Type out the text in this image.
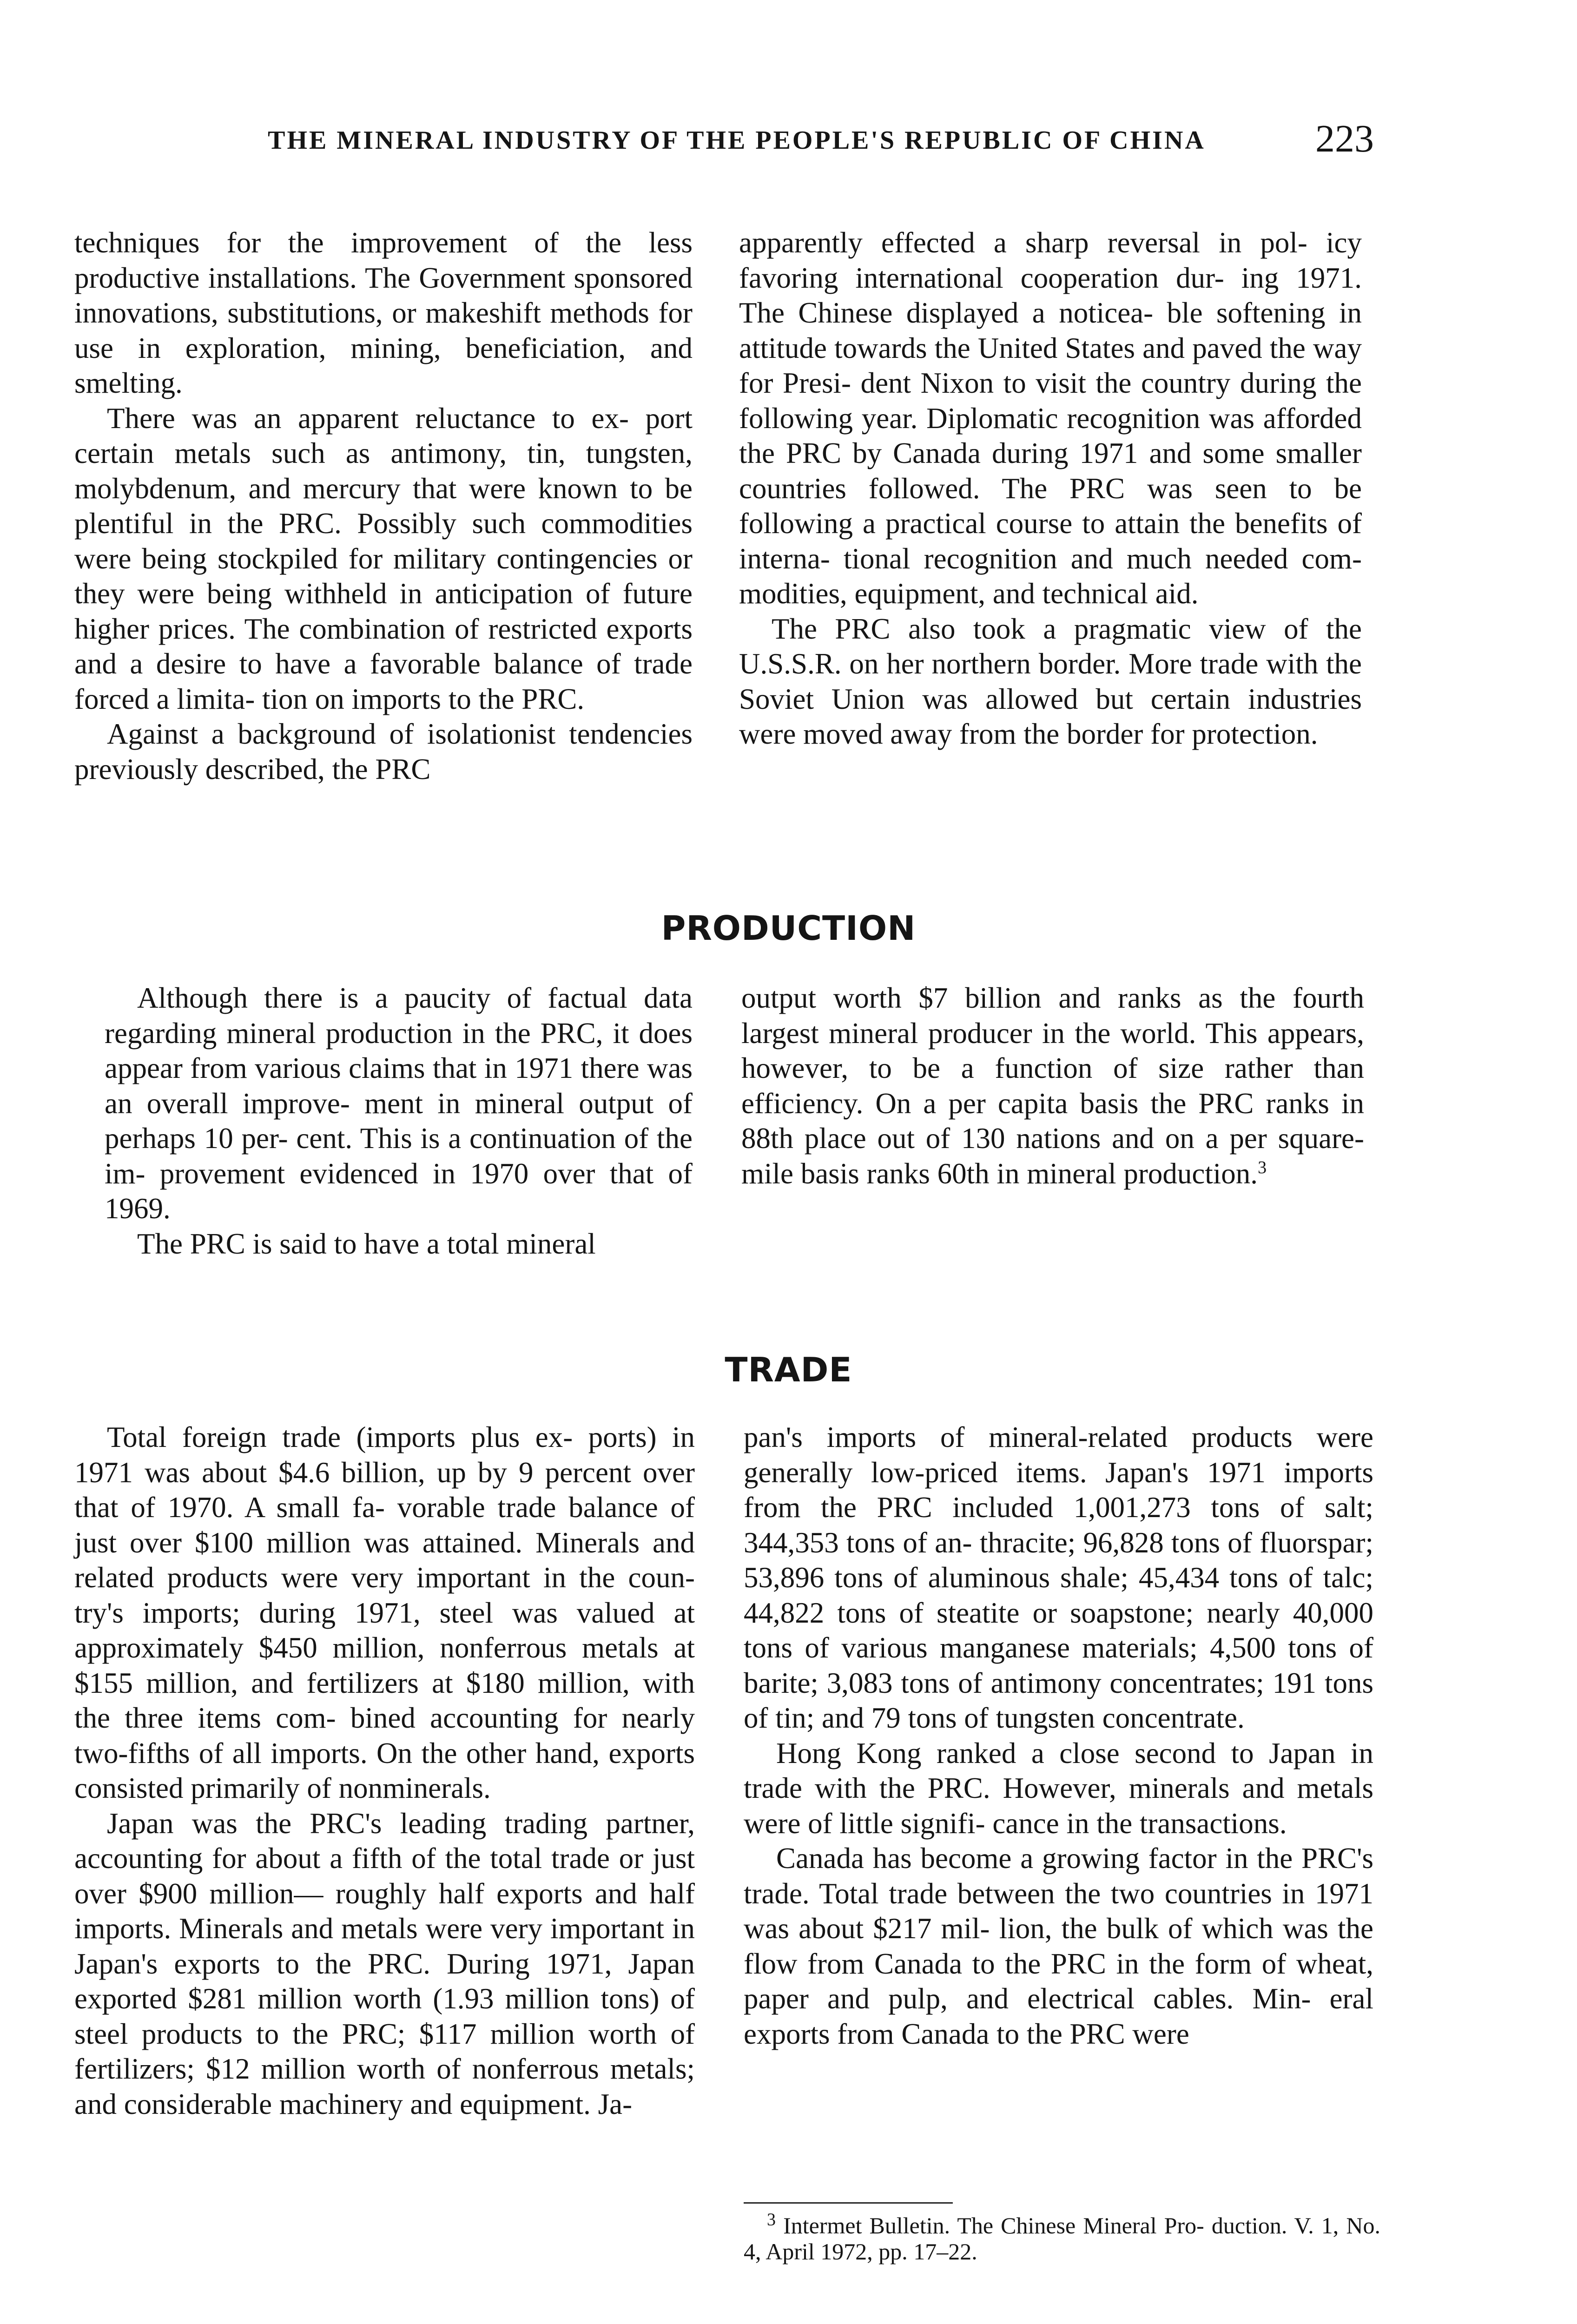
THE MINERAL INDUSTRY OF THE PEOPLE'S REPUBLIC OF CHINA	223

techniques for the improvement of the less productive installations. The Government sponsored innovations, substitutions, or makeshift methods for use in exploration, mining, beneficiation, and smelting.

There was an apparent reluctance to ex- port certain metals such as antimony, tin, tungsten, molybdenum, and mercury that were known to be plentiful in the PRC. Possibly such commodities were being stockpiled for military contingencies or they were being withheld in anticipation of future higher prices. The combination of restricted exports and a desire to have a favorable balance of trade forced a limita- tion on imports to the PRC.

Against a background of isolationist tendencies previously described, the PRC

apparently effected a sharp reversal in pol- icy favoring international cooperation dur- ing 1971. The Chinese displayed a noticea- ble softening in attitude towards the United States and paved the way for Presi- dent Nixon to visit the country during the following year. Diplomatic recognition was afforded the PRC by Canada during 1971 and some smaller countries followed. The PRC was seen to be following a practical course to attain the benefits of interna- tional recognition and much needed com- modities, equipment, and technical aid.

The PRC also took a pragmatic view of the U.S.S.R. on her northern border. More trade with the Soviet Union was allowed but certain industries were moved away from the border for protection.

PRODUCTION

Although there is a paucity of factual data regarding mineral production in the PRC, it does appear from various claims that in 1971 there was an overall improve- ment in mineral output of perhaps 10 per- cent. This is a continuation of the im- provement evidenced in 1970 over that of 1969.

The PRC is said to have a total mineral

output worth $7 billion and ranks as the fourth largest mineral producer in the world. This appears, however, to be a function of size rather than efficiency. On a per capita basis the PRC ranks in 88th place out of 130 nations and on a per square-mile basis ranks 60th in mineral production.$^3$

TRADE

Total foreign trade (imports plus ex- ports) in 1971 was about $4.6 billion, up by 9 percent over that of 1970. A small fa- vorable trade balance of just over $100 million was attained. Minerals and related products were very important in the coun- try's imports; during 1971, steel was valued at approximately $450 million, nonferrous metals at $155 million, and fertilizers at $180 million, with the three items com- bined accounting for nearly two-fifths of all imports. On the other hand, exports consisted primarily of nonminerals.

Japan was the PRC's leading trading partner, accounting for about a fifth of the total trade or just over $900 million— roughly half exports and half imports. Minerals and metals were very important in Japan's exports to the PRC. During 1971, Japan exported $281 million worth (1.93 million tons) of steel products to the PRC; $117 million worth of fertilizers; $12 million worth of nonferrous metals; and considerable machinery and equipment. Ja-

pan's imports of mineral-related products were generally low-priced items. Japan's 1971 imports from the PRC included 1,001,273 tons of salt; 344,353 tons of an- thracite; 96,828 tons of fluorspar; 53,896 tons of aluminous shale; 45,434 tons of talc; 44,822 tons of steatite or soapstone; nearly 40,000 tons of various manganese materials; 4,500 tons of barite; 3,083 tons of antimony concentrates; 191 tons of tin; and 79 tons of tungsten concentrate.

Hong Kong ranked a close second to Japan in trade with the PRC. However, minerals and metals were of little signifi- cance in the transactions.

Canada has become a growing factor in the PRC's trade. Total trade between the two countries in 1971 was about $217 mil- lion, the bulk of which was the flow from Canada to the PRC in the form of wheat, paper and pulp, and electrical cables. Min- eral exports from Canada to the PRC were

$^3$ Intermet Bulletin. The Chinese Mineral Pro- duction. V. 1, No. 4, April 1972, pp. 17–22.
